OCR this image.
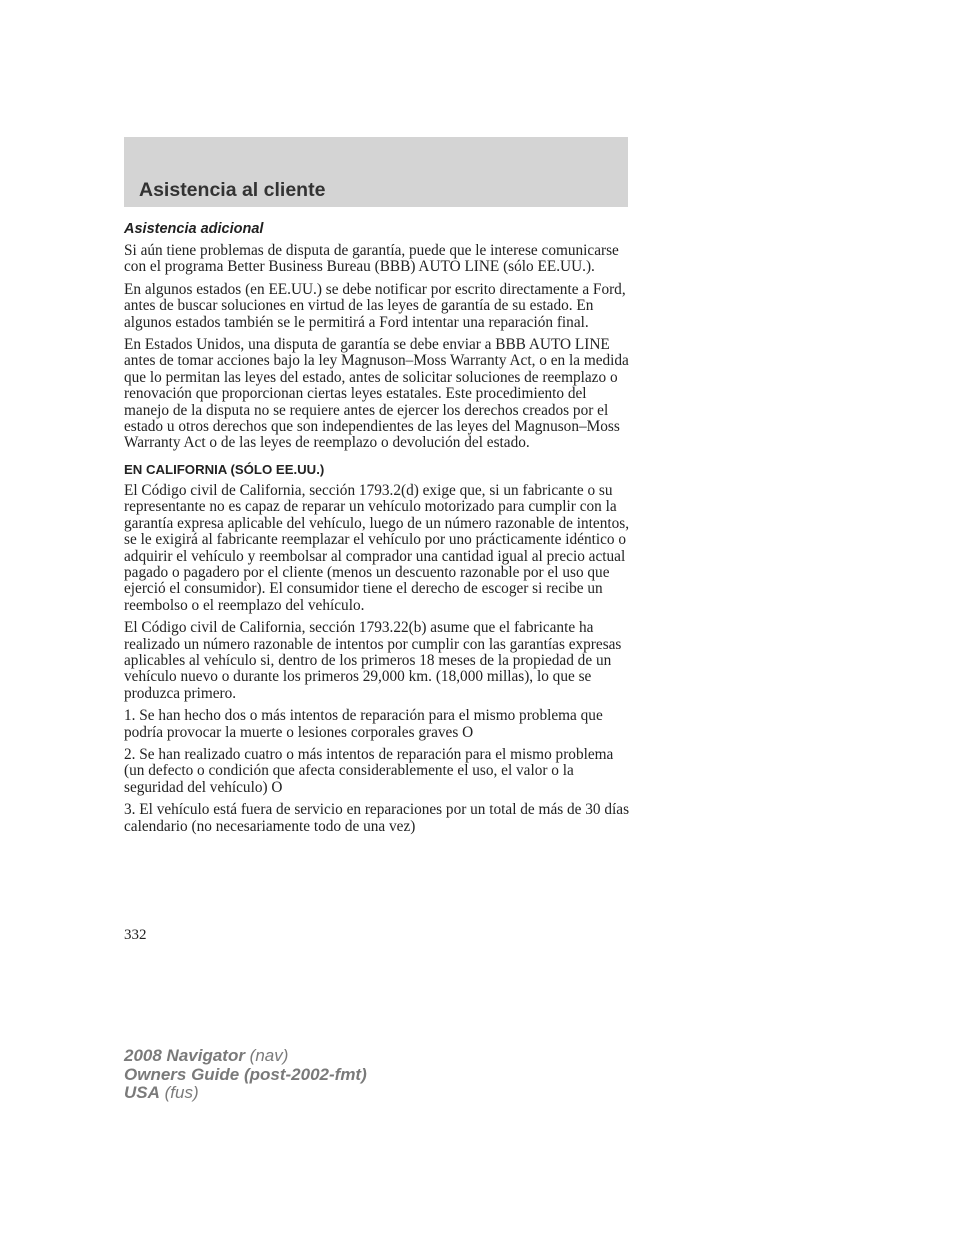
Asistencia al cliente
Asistencia adicional

Si aún tiene problemas de disputa de garantía, puede que le interese comunicarse con el programa Better Business Bureau (BBB) AUTO LINE (sólo EE.UU.).

En algunos estados (en EE.UU.) se debe notificar por escrito directamente a Ford, antes de buscar soluciones en virtud de las leyes de garantía de su estado. En algunos estados también se le permitirá a Ford intentar una reparación final.

En Estados Unidos, una disputa de garantía se debe enviar a BBB AUTO LINE antes de tomar acciones bajo la ley Magnuson–Moss Warranty Act, o en la medida que lo permitan las leyes del estado, antes de solicitar soluciones de reemplazo o renovación que proporcionan ciertas leyes estatales. Este procedimiento del manejo de la disputa no se requiere antes de ejercer los derechos creados por el estado u otros derechos que son independientes de las leyes del Magnuson–Moss Warranty Act o de las leyes de reemplazo o devolución del estado.

EN CALIFORNIA (SÓLO EE.UU.)

El Código civil de California, sección 1793.2(d) exige que, si un fabricante o su representante no es capaz de reparar un vehículo motorizado para cumplir con la garantía expresa aplicable del vehículo, luego de un número razonable de intentos, se le exigirá al fabricante reemplazar el vehículo por uno prácticamente idéntico o adquirir el vehículo y reembolsar al comprador una cantidad igual al precio actual pagado o pagadero por el cliente (menos un descuento razonable por el uso que ejerció el consumidor). El consumidor tiene el derecho de escoger si recibe un reembolso o el reemplazo del vehículo.

El Código civil de California, sección 1793.22(b) asume que el fabricante ha realizado un número razonable de intentos por cumplir con las garantías expresas aplicables al vehículo si, dentro de los primeros 18 meses de la propiedad de un vehículo nuevo o durante los primeros 29,000 km. (18,000 millas), lo que se produzca primero.

1. Se han hecho dos o más intentos de reparación para el mismo problema que podría provocar la muerte o lesiones corporales graves O

2. Se han realizado cuatro o más intentos de reparación para el mismo problema (un defecto o condición que afecta considerablemente el uso, el valor o la seguridad del vehículo) O

3. El vehículo está fuera de servicio en reparaciones por un total de más de 30 días calendario (no necesariamente todo de una vez)

332

2008 Navigator (nav)
Owners Guide (post-2002-fmt)
USA (fus)
